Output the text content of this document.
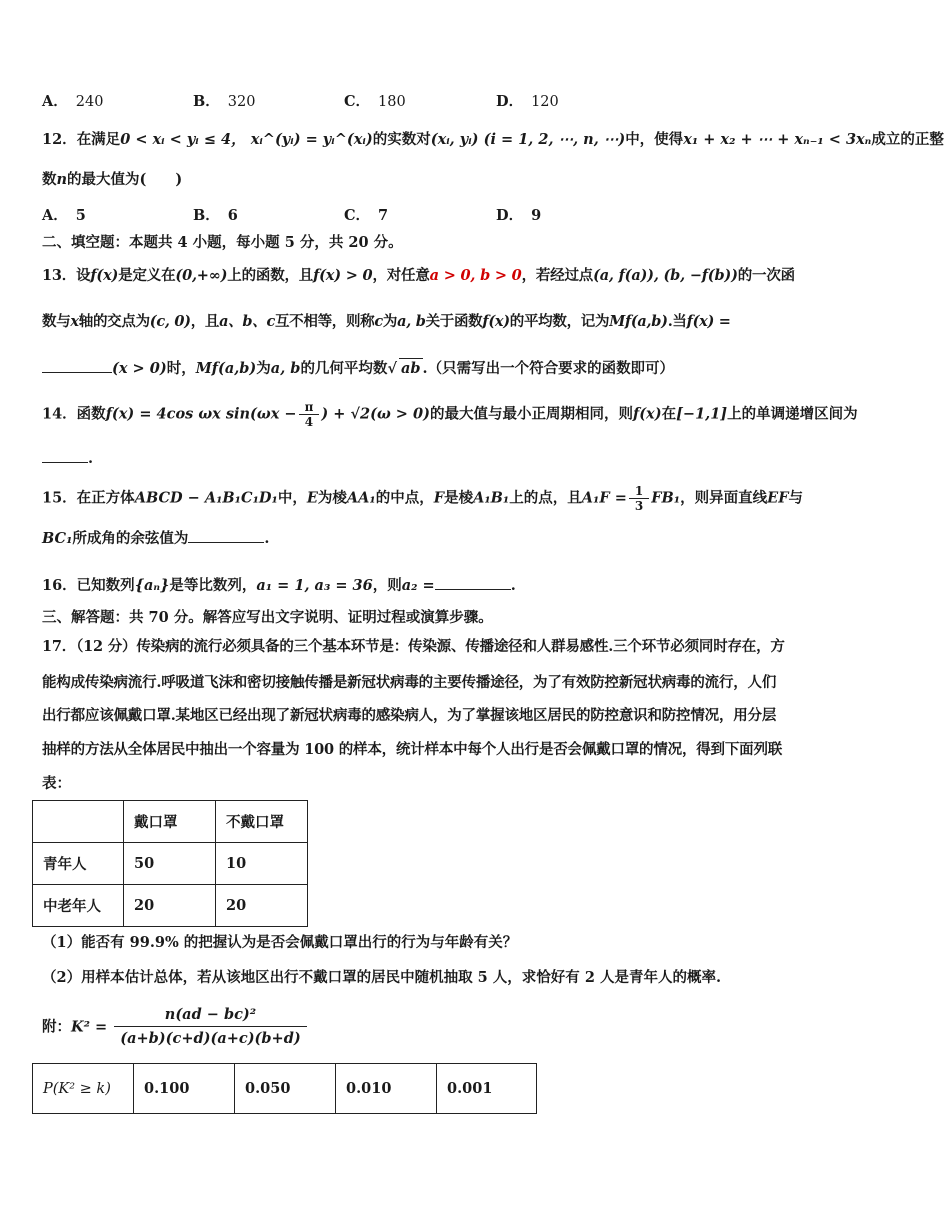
A． 240	B． 320	C． 180	D． 120
12．在满足0 < xᵢ < yᵢ ≤ 4， xᵢ^(yᵢ) = yᵢ^(xᵢ)的实数对(xᵢ, yᵢ) (i = 1, 2, ⋯, n, ⋯)中，使得x₁ + x₂ + ⋯ + xₙ₋₁ < 3xₙ成立的正整
数n的最大值为(　　)
A． 5	B． 6	C． 7	D． 9
二、填空题：本题共 4 小题，每小题 5 分，共 20 分。
13．设f(x)是定义在(0,+∞)上的函数，且f(x) > 0，对任意a > 0, b > 0，若经过点(a, f(a)), (b, −f(b))的一次函
数与x轴的交点为(c, 0)，且a、b、c互不相等，则称c为a, b关于函数f(x)的平均数，记为Mf(a,b).当f(x) =
(x > 0)时，Mf(a,b)为a, b的几何平均数√ ab .（只需写出一个符合要求的函数即可）
14．函数f(x) = 4cos ωx $\sin(\omega x - \frac{\pi}{4}$ ) + √2(ω > 0)的最大值与最小正周期相同，则f(x)在[−1,1]上的单调递增区间为
.
15．在正方体ABCD − A₁B₁C₁D₁中，E为棱AA₁的中点，F是棱A₁B₁上的点，且$A_1F = \frac{1}{3} FB_1$，则异面直线EF与
BC₁所成角的余弦值为	.
16．已知数列{aₙ}是等比数列，a₁ = 1, a₃ = 36，则a₂ =	.
三、解答题：共 70 分。解答应写出文字说明、证明过程或演算步骤。
17．（12 分）传染病的流行必须具备的三个基本环节是：传染源、传播途径和人群易感性.三个环节必须同时存在，方
能构成传染病流行.呼吸道飞沫和密切接触传播是新冠状病毒的主要传播途径，为了有效防控新冠状病毒的流行，人们
出行都应该佩戴口罩.某地区已经出现了新冠状病毒的感染病人，为了掌握该地区居民的防控意识和防控情况，用分层
抽样的方法从全体居民中抽出一个容量为 100 的样本，统计样本中每个人出行是否会佩戴口罩的情况，得到下面列联
表：
	戴口罩	不戴口罩
青年人	50	10
中老年人	20	20
（1）能否有 99.9% 的把握认为是否会佩戴口罩出行的行为与年龄有关？
（2）用样本估计总体，若从该地区出行不戴口罩的居民中随机抽取 5 人，求恰好有 2 人是青年人的概率.
附：$K^2 = \frac{\text{n(ad − bc)²}}{(a+b)(c+d)(a+c)(b+d)}$
P(K² ≥ k)	0.100	0.050	0.010	0.001
